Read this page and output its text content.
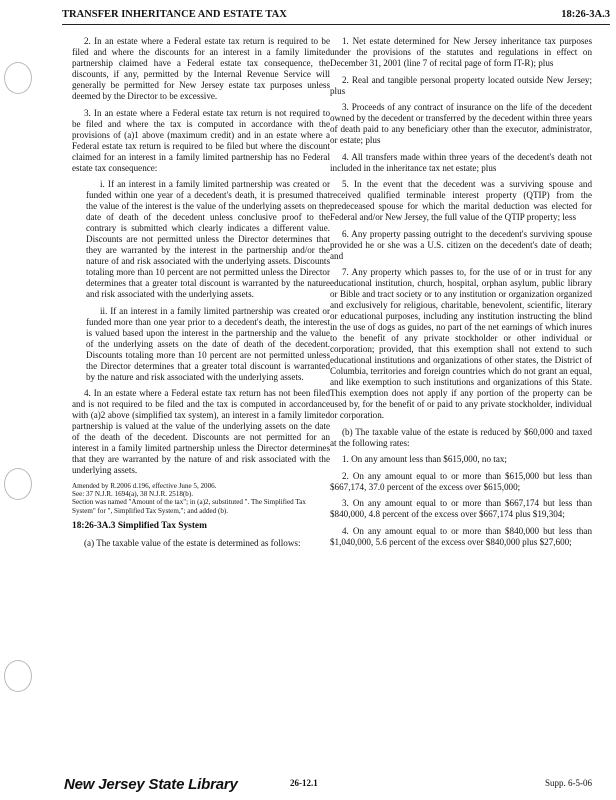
TRANSFER INHERITANCE AND ESTATE TAX	18:26-3A.3

2. In an estate where a Federal estate tax return is required to be filed and where the discounts for an interest in a family limited partnership claimed have a Federal estate tax consequence, the discounts, if any, permitted by the Internal Revenue Service will generally be permitted for New Jersey estate tax purposes unless deemed by the Director to be excessive.

3. In an estate where a Federal estate tax return is not required to be filed and where the tax is computed in accordance with the provisions of (a)1 above (maximum credit) and in an estate where a Federal estate tax return is required to be filed but where the discount claimed for an interest in a family limited partnership has no Federal estate tax consequence:

i. If an interest in a family limited partnership was created or funded within one year of a decedent's death, it is presumed that the value of the interest is the value of the underlying assets on the date of death of the decedent unless conclusive proof to the contrary is submitted which clearly indicates a different value. Discounts are not permitted unless the Director determines that they are warranted by the interest in the partnership and/or the nature of and risk associated with the underlying assets. Discounts totaling more than 10 percent are not permitted unless the Director determines that a greater total discount is warranted by the nature and risk associated with the underlying assets.

ii. If an interest in a family limited partnership was created or funded more than one year prior to a decedent's death, the interest is valued based upon the interest in the partnership and the value of the underlying assets on the date of death of the decedent. Discounts totaling more than 10 percent are not permitted unless the Director determines that a greater total discount is warranted by the nature and risk associated with the underlying assets.

4. In an estate where a Federal estate tax return has not been filed and is not required to be filed and the tax is computed in accordance with (a)2 above (simplified tax system), an interest in a family limited partnership is valued at the value of the underlying assets on the date of the death of the decedent. Discounts are not permitted for an interest in a family limited partnership unless the Director determines that they are warranted by the nature of and risk associated with the underlying assets.

Amended by R.2006 d.196, effective June 5, 2006.
See: 37 N.J.R. 1694(a), 38 N.J.R. 2518(b).
Section was named "Amount of the tax"; in (a)2, substituted ". The Simplified Tax System" for ", Simplified Tax System,"; and added (b).

18:26-3A.3 Simplified Tax System

(a) The taxable value of the estate is determined as follows:

1. Net estate determined for New Jersey inheritance tax purposes under the provisions of the statutes and regulations in effect on December 31, 2001 (line 7 of recital page of form IT-R); plus

2. Real and tangible personal property located outside New Jersey; plus

3. Proceeds of any contract of insurance on the life of the decedent owned by the decedent or transferred by the decedent within three years of death paid to any beneficiary other than the executor, administrator, or estate; plus

4. All transfers made within three years of the decedent's death not included in the inheritance tax net estate; plus

5. In the event that the decedent was a surviving spouse and received qualified terminable interest property (QTIP) from the predeceased spouse for which the marital deduction was elected for Federal and/or New Jersey, the full value of the QTIP property; less

6. Any property passing outright to the decedent's surviving spouse provided he or she was a U.S. citizen on the decedent's date of death; and

7. Any property which passes to, for the use of or in trust for any educational institution, church, hospital, orphan asylum, public library or Bible and tract society or to any institution or organization organized and exclusively for religious, charitable, benevolent, scientific, literary or educational purposes, including any institution instructing the blind in the use of dogs as guides, no part of the net earnings of which inures to the benefit of any private stockholder or other individual or corporation; provided, that this exemption shall not extend to such educational institutions and organizations of other states, the District of Columbia, territories and foreign countries which do not grant an equal, and like exemption to such institutions and organizations of this State. This exemption does not apply if any portion of the property can be used by, for the benefit of or paid to any private stockholder, individual or corporation.

(b) The taxable value of the estate is reduced by $60,000 and taxed at the following rates:

1. On any amount less than $615,000, no tax;

2. On any amount equal to or more than $615,000 but less than $667,174, 37.0 percent of the excess over $615,000;

3. On any amount equal to or more than $667,174 but less than $840,000, 4.8 percent of the excess over $667,174 plus $19,304;

4. On any amount equal to or more than $840,000 but less than $1,040,000, 5.6 percent of the excess over $840,000 plus $27,600;

New Jersey State Library	26-12.1	Supp. 6-5-06
